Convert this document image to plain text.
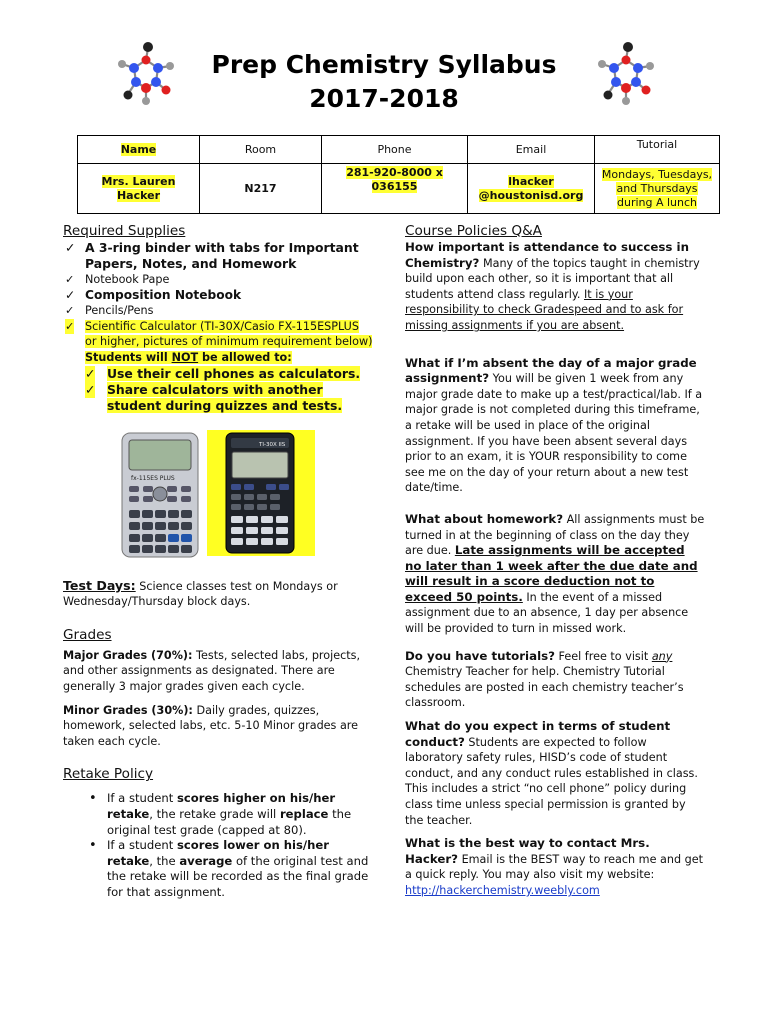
Prep Chemistry Syllabus
2017-2018
Name	Room	Phone	Email	Tutorial
Mrs. Lauren Hacker	N217	281-920-8000 x 036155	lhacker @houstonisd.org	Mondays, Tuesdays, and Thursdays during A lunch
Required Supplies
✓ A 3-ring binder with tabs for Important Papers, Notes, and Homework
✓ Notebook Pape
✓ Composition Notebook
✓ Pencils/Pens
✓ Scientific Calculator (TI-30X/Casio FX-115ESPLUS or higher, pictures of minimum requirement below) Students will NOT be allowed to:
✓ Use their cell phones as calculators.
✓ Share calculators with another student during quizzes and tests.
fx-115ES PLUS
TI-30X IIS

Test Days: Science classes test on Mondays or Wednesday/Thursday block days.

Grades

Major Grades (70%): Tests, selected labs, projects, and other assignments as designated. There are generally 3 major grades given each cycle.

Minor Grades (30%): Daily grades, quizzes, homework, selected labs, etc. 5-10 Minor grades are taken each cycle.

Retake Policy
• If a student scores higher on his/her retake, the retake grade will replace the original test grade (capped at 80).
• If a student scores lower on his/her retake, the average of the original test and the retake will be recorded as the final grade for that assignment.
Course Policies Q&A

How important is attendance to success in Chemistry? Many of the topics taught in chemistry build upon each other, so it is important that all students attend class regularly. It is your responsibility to check Gradespeed and to ask for missing assignments if you are absent.

What if I’m absent the day of a major grade assignment? You will be given 1 week from any major grade date to make up a test/practical/lab. If a major grade is not completed during this timeframe, a retake will be used in place of the original assignment. If you have been absent several days prior to an exam, it is YOUR responsibility to come see me on the day of your return about a new test date/time.

What about homework? All assignments must be turned in at the beginning of class on the day they are due. Late assignments will be accepted no later than 1 week after the due date and will result in a score deduction not to exceed 50 points. In the event of a missed assignment due to an absence, 1 day per absence will be provided to turn in missed work.

Do you have tutorials? Feel free to visit any Chemistry Teacher for help. Chemistry Tutorial schedules are posted in each chemistry teacher’s classroom.

What do you expect in terms of student conduct? Students are expected to follow laboratory safety rules, HISD’s code of student conduct, and any conduct rules established in class. This includes a strict “no cell phone” policy during class time unless special permission is granted by the teacher.

What is the best way to contact Mrs. Hacker? Email is the BEST way to reach me and get a quick reply. You may also visit my website:
http://hackerchemistry.weebly.com
